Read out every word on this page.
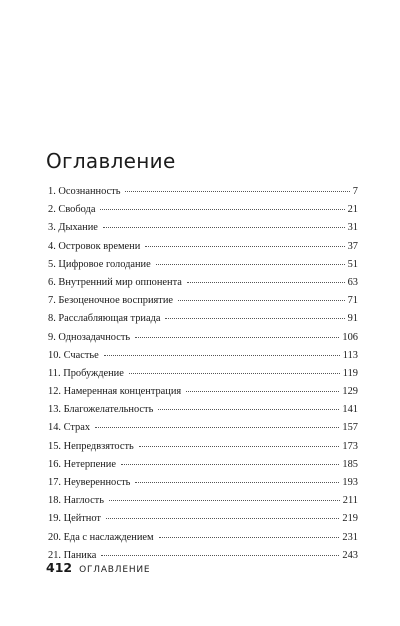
Оглавление
1. Осознанность	7
2. Свобода	21
3. Дыхание	31
4. Островок времени	37
5. Цифровое голодание	51
6. Внутренний мир оппонента	63
7. Безоценочное восприятие	71
8. Расслабляющая триада	91
9. Однозадачность	106
10. Счастье	113
11. Пробуждение	119
12. Намеренная концентрация	129
13. Благожелательность	141
14. Страх	157
15. Непредвзятость	173
16. Нетерпение	185
17. Неуверенность	193
18. Наглость	211
19. Цейтнот	219
20. Еда с наслаждением	231
21. Паника	243
412 ОГЛАВЛЕНИЕ
